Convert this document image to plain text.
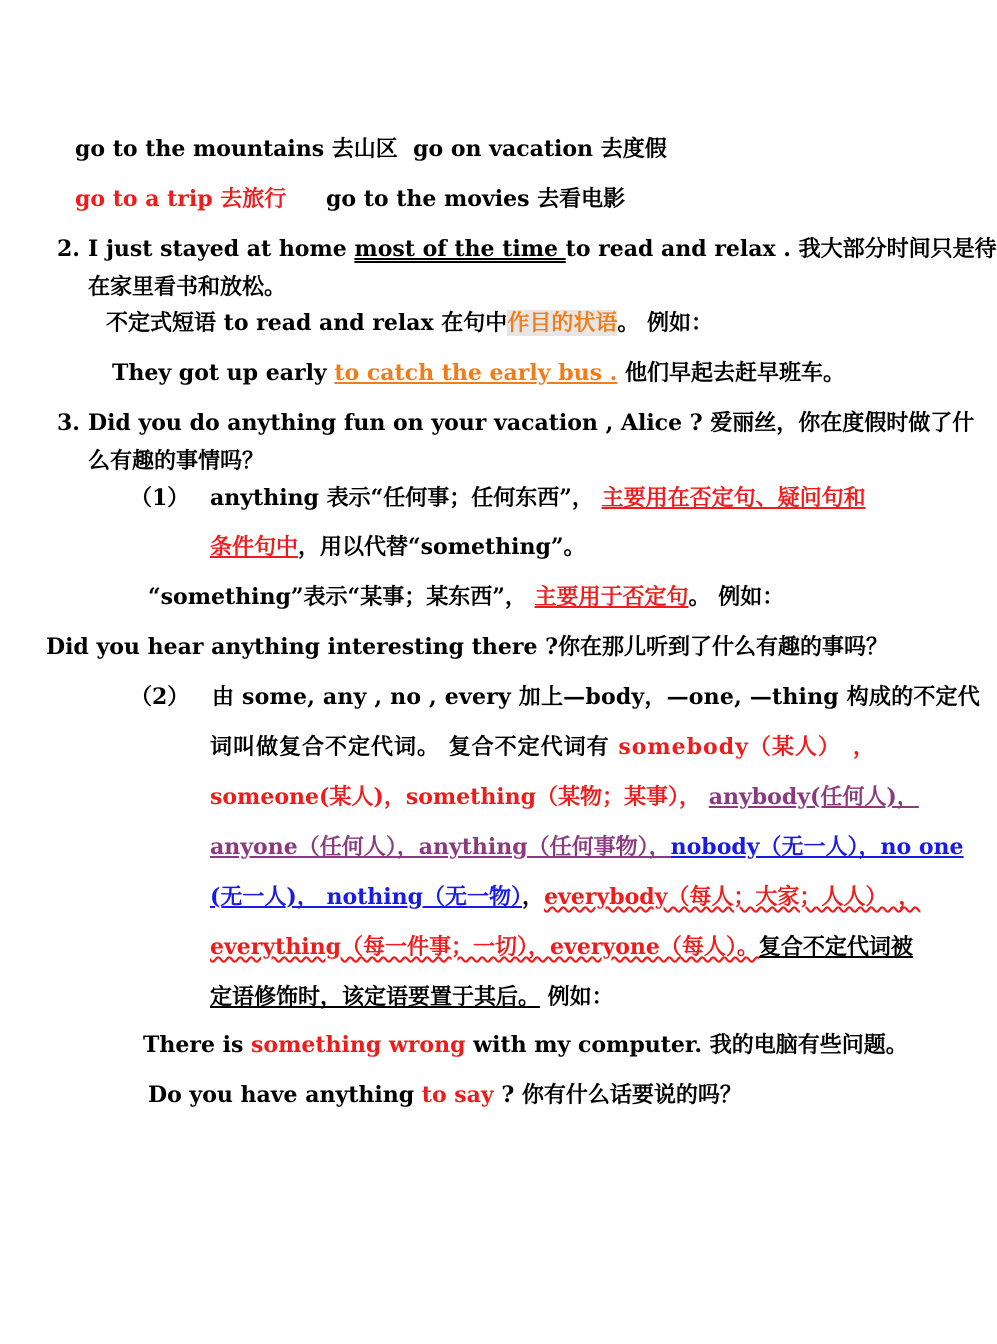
go to the mountains 去山区 go on vacation 去度假
go to a trip 去旅行 go to the movies 去看电影
2. I just stayed at home most of the time to read and relax . 我大部分时间只是待
在家里看书和放松。
不定式短语 to read and relax 在句中作目的状语。 例如：
They got up early to catch the early bus . 他们早起去赶早班车。
3. Did you do anything fun on your vacation , Alice ? 爱丽丝，你在度假时做了什
么有趣的事情吗？
（1） anything 表示“任何事；任何东西”， 主要用在否定句、疑问句和
条件句中，用以代替“something”。
“something”表示“某事；某东西”， 主要用于否定句。 例如：
Did you hear anything interesting there ?你在那儿听到了什么有趣的事吗？
（2） 由 some, any , no , every 加上—body，—one, —thing 构成的不定代
词叫做复合不定代词。 复合不定代词有 somebody（某人）　，
someone(某人)，something（某物；某事）， anybody(任何人)，
anyone（任何人），anything（任何事物），nobody（无一人），no one
(无一人)， nothing（无一物），everybody（每人；大家；人人）　，
everything（每一件事；一切），everyone（每人）。复合不定代词被
定语修饰时，该定语要置于其后。 例如：
There is something wrong with my computer. 我的电脑有些问题。
Do you have anything to say ? 你有什么话要说的吗？
